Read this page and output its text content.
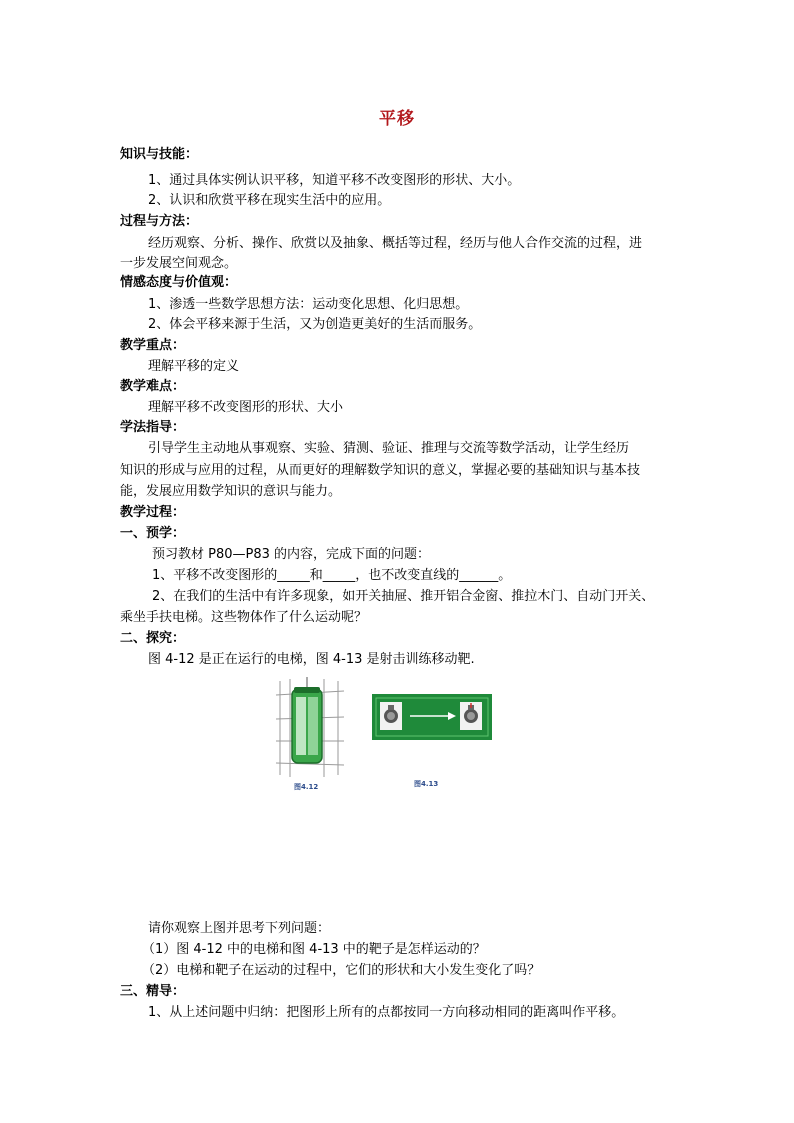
平移
知识与技能：
1、通过具体实例认识平移，知道平移不改变图形的形状、大小。
2、认识和欣赏平移在现实生活中的应用。
过程与方法：
经历观察、分析、操作、欣赏以及抽象、概括等过程，经历与他人合作交流的过程，进
一步发展空间观念。
情感态度与价值观：
1、渗透一些数学思想方法：运动变化思想、化归思想。
2、体会平移来源于生活，又为创造更美好的生活而服务。
教学重点：
理解平移的定义
教学难点：
理解平移不改变图形的形状、大小
学法指导：
引导学生主动地从事观察、实验、猜测、验证、推理与交流等数学活动，让学生经历
知识的形成与应用的过程，从而更好的理解数学知识的意义，掌握必要的基础知识与基本技
能，发展应用数学知识的意识与能力。
教学过程：
一、预学：
预习教材 P80—P83 的内容，完成下面的问题：
1、平移不改变图形的_____和_____，也不改变直线的______。
2、在我们的生活中有许多现象，如开关抽屉、推开铝合金窗、推拉木门、自动门开关、
乘坐手扶电梯。这些物体作了什么运动呢？
二、探究：
图 4-12 是正在运行的电梯，图 4-13 是射击训练移动靶.
图4.12	图4.13
请你观察上图并思考下列问题：
（1）图 4-12 中的电梯和图 4-13 中的靶子是怎样运动的？
（2）电梯和靶子在运动的过程中，它们的形状和大小发生变化了吗？
三、精导：
1、从上述问题中归纳：把图形上所有的点都按同一方向移动相同的距离叫作平移。
